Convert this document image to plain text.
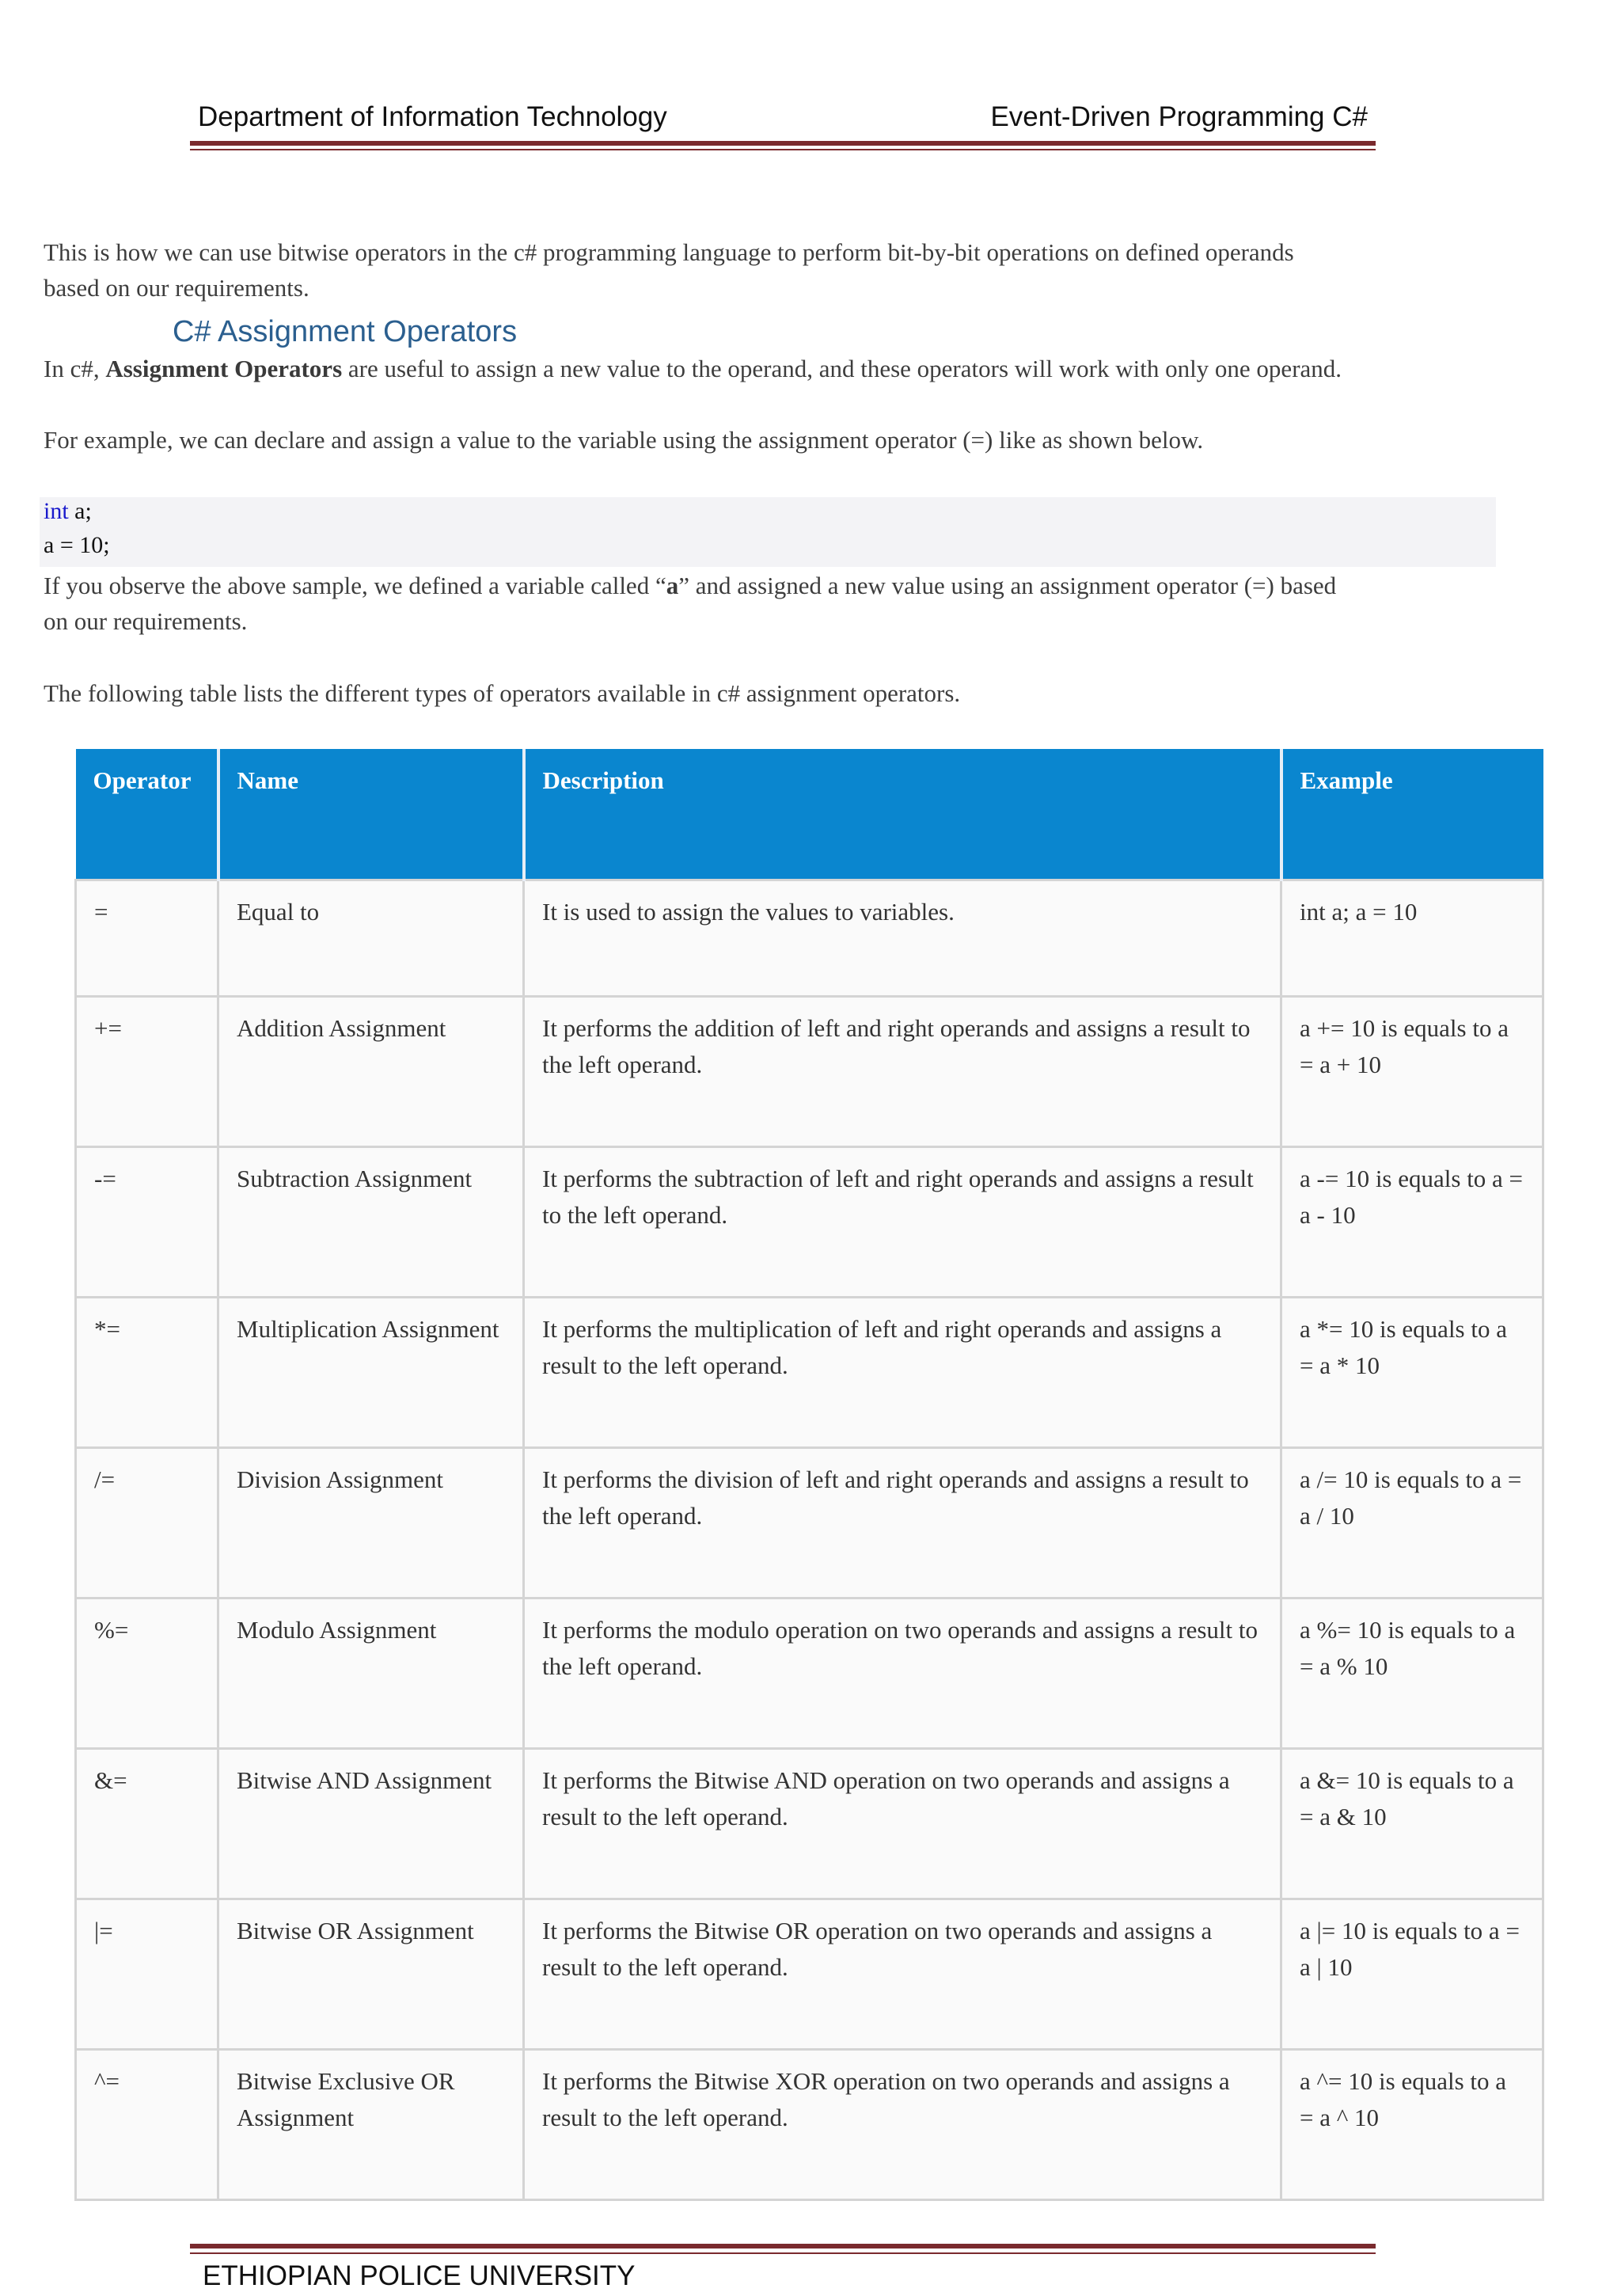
Department of Information Technology	Event-Driven Programming C#
This is how we can use bitwise operators in the c# programming language to perform bit-by-bit operations on defined operands
based on our requirements.
C# Assignment Operators
In c#, Assignment Operators are useful to assign a new value to the operand, and these operators will work with only one operand.
For example, we can declare and assign a value to the variable using the assignment operator (=) like as shown below.
int a;
a = 10;
If you observe the above sample, we defined a variable called “a” and assigned a new value using an assignment operator (=) based
on our requirements.
The following table lists the different types of operators available in c# assignment operators.
Operator	Name	Description	Example
=	Equal to	It is used to assign the values to variables.	int a; a = 10
+=	Addition Assignment	It performs the addition of left and right operands and assigns a result to the left operand.	a += 10 is equals to a = a + 10
-=	Subtraction Assignment	It performs the subtraction of left and right operands and assigns a result to the left operand.	a -= 10 is equals to a = a - 10
*=	Multiplication Assignment	It performs the multiplication of left and right operands and assigns a result to the left operand.	a *= 10 is equals to a = a * 10
/=	Division Assignment	It performs the division of left and right operands and assigns a result to the left operand.	a /= 10 is equals to a = a / 10
%=	Modulo Assignment	It performs the modulo operation on two operands and assigns a result to the left operand.	a %= 10 is equals to a = a % 10
&=	Bitwise AND Assignment	It performs the Bitwise AND operation on two operands and assigns a result to the left operand.	a &= 10 is equals to a = a & 10
|=	Bitwise OR Assignment	It performs the Bitwise OR operation on two operands and assigns a result to the left operand.	a |= 10 is equals to a = a | 10
^=	Bitwise Exclusive OR Assignment	It performs the Bitwise XOR operation on two operands and assigns a result to the left operand.	a ^= 10 is equals to a = a ^ 10
ETHIOPIAN POLICE UNIVERSITY
